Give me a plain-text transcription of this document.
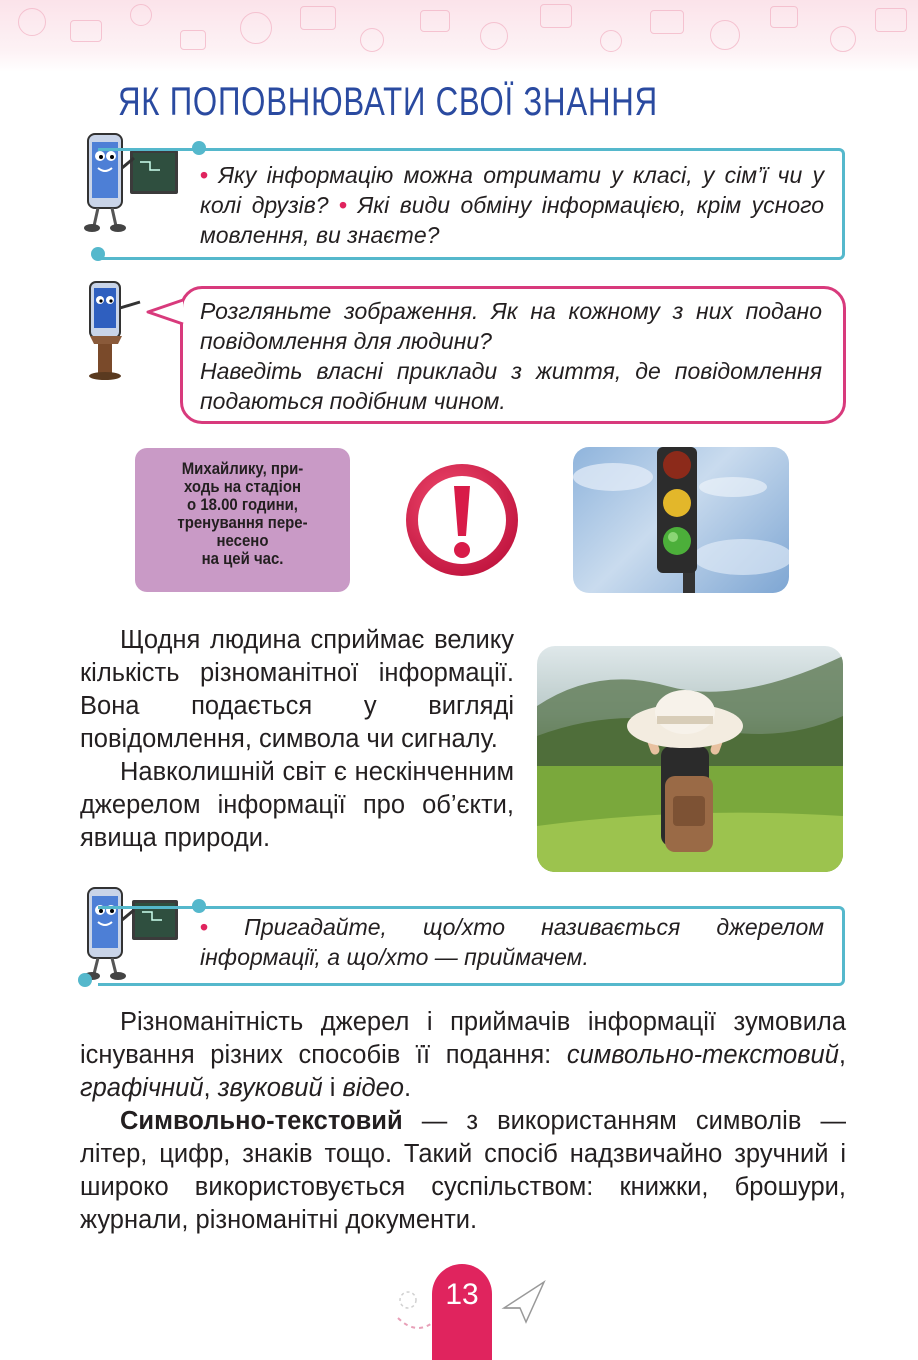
ЯК ПОПОВНЮВАТИ СВОЇ ЗНАННЯ
• Яку інформацію можна отримати у класі, у сім’ї чи у колі друзів? • Які види обміну інформацією, крім усного мовлення, ви знаєте?
Розгляньте зображення. Як на кожному з них подано повідомлення для людини?
Наведіть власні приклади з життя, де повідомлення подаються подібним чином.
Михайлику, при-
ходь на стадіон
о 18.00 години,
тренування пере-
несено
на цей час.

Щодня людина сприймає велику кількість різноманітної інформації. Вона подається у вигляді повідомлення, символа чи сигналу.

Навколишній світ є нескінченним джерелом інформації про об’єкти, явища природи.

• Пригадайте, що/хто називається джерелом інформації, а що/хто — приймачем.

Різноманітність джерел і приймачів інформації зумовила існування різних способів її подання: символьно-текстовий, графічний, звуковий і відео.

Символьно-текстовий — з використанням символів — літер, цифр, знаків тощо. Такий спосіб надзвичайно зручний і широко використовується суспільством: книжки, брошури, журнали, різноманітні документи.

13
